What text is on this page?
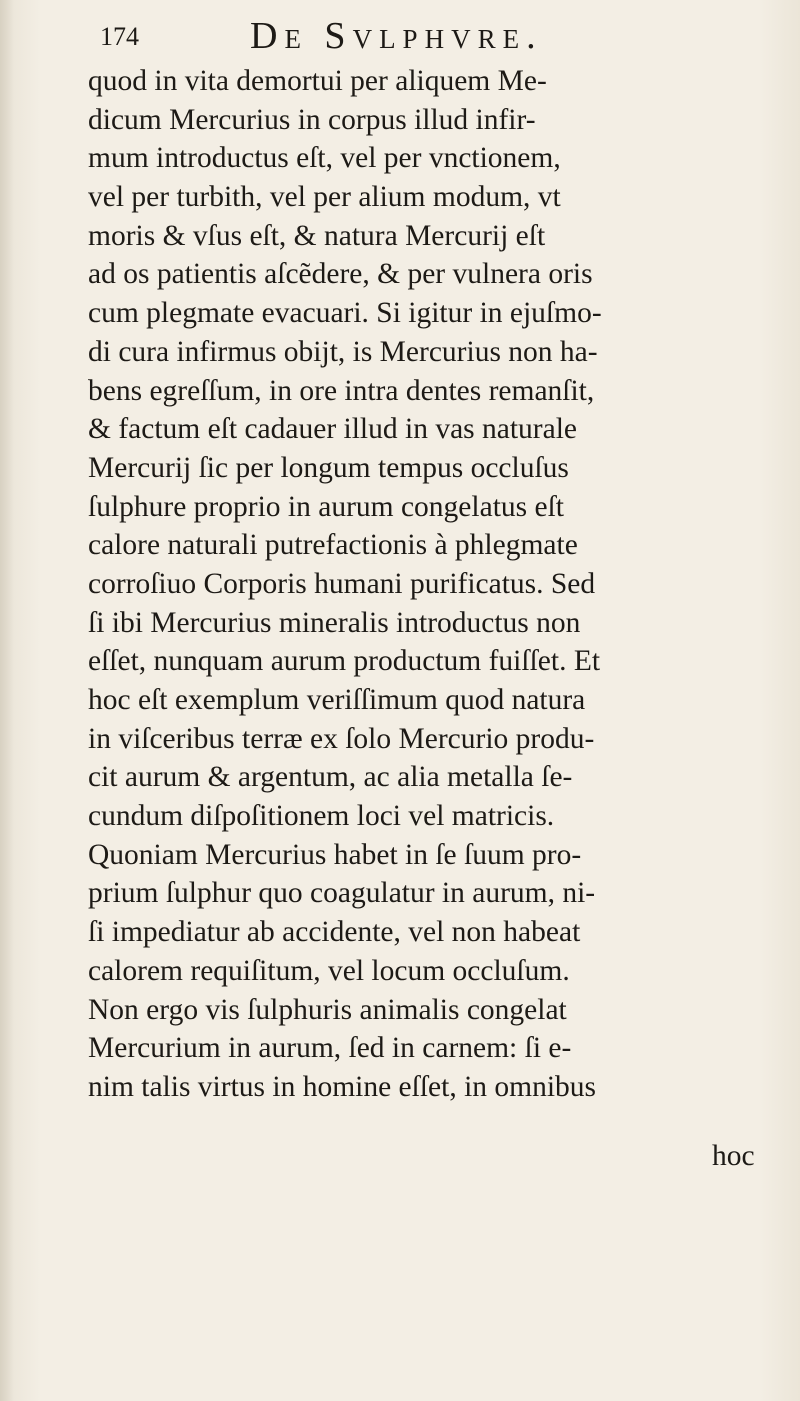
174	De Svlphvre.
quod in vita demortui per aliquem Me-
dicum Mercurius in corpus illud infir-
mum introductus eſt, vel per vnctionem,
vel per turbith, vel per alium modum, vt
moris & vſus eſt, & natura Mercurij eſt
ad os patientis aſcẽdere, & per vulnera oris
cum plegmate evacuari. Si igitur in ejuſmo-
di cura infirmus obijt, is Mercurius non ha-
bens egreſſum, in ore intra dentes remanſit,
& factum eſt cadauer illud in vas naturale
Mercurij ſic per longum tempus occluſus
ſulphure proprio in aurum congelatus eſt
calore naturali putrefactionis à phlegmate
corroſiuo Corporis humani purificatus. Sed
ſi ibi Mercurius mineralis introductus non
eſſet, nunquam aurum productum fuiſſet. Et
hoc eſt exemplum veriſſimum quod natura
in viſceribus terræ ex ſolo Mercurio produ-
cit aurum & argentum, ac alia metalla ſe-
cundum diſpoſitionem loci vel matricis.
Quoniam Mercurius habet in ſe ſuum pro-
prium ſulphur quo coagulatur in aurum, ni-
ſi impediatur ab accidente, vel non habeat
calorem requiſitum, vel locum occluſum.
Non ergo vis ſulphuris animalis congelat
Mercurium in aurum, ſed in carnem: ſi e-
nim talis virtus in homine eſſet, in omnibus
hoc
